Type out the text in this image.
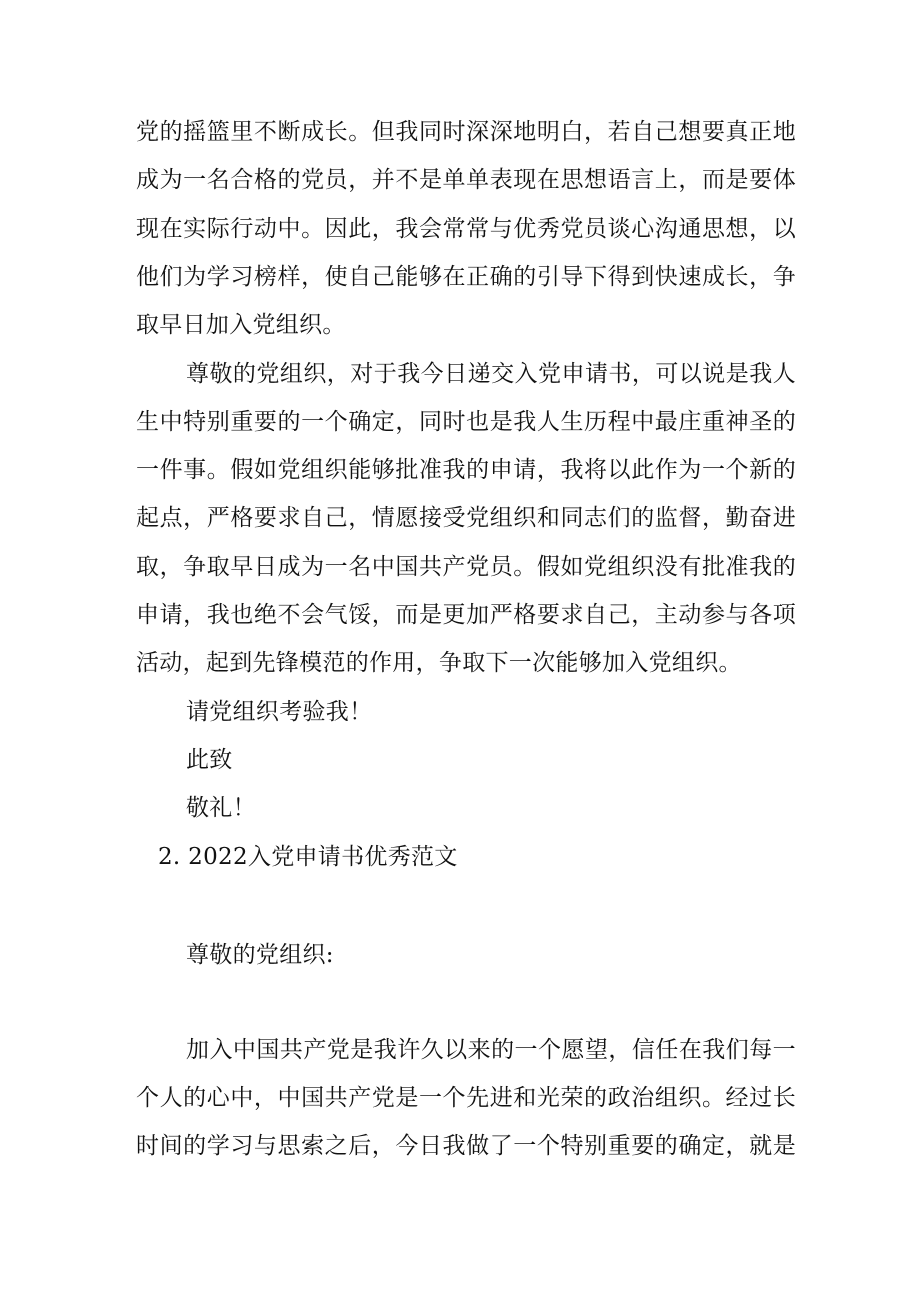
党的摇篮里不断成长。但我同时深深地明白，若自己想要真正地
成为一名合格的党员，并不是单单表现在思想语言上，而是要体
现在实际行动中。因此，我会常常与优秀党员谈心沟通思想，以
他们为学习榜样，使自己能够在正确的引导下得到快速成长，争
取早日加入党组织。
尊敬的党组织，对于我今日递交入党申请书，可以说是我人
生中特别重要的一个确定，同时也是我人生历程中最庄重神圣的
一件事。假如党组织能够批准我的申请，我将以此作为一个新的
起点，严格要求自己，情愿接受党组织和同志们的监督，勤奋进
取，争取早日成为一名中国共产党员。假如党组织没有批准我的
申请，我也绝不会气馁，而是更加严格要求自己，主动参与各项
活动，起到先锋模范的作用，争取下一次能够加入党组织。
请党组织考验我！
此致
敬礼！
2. 2022入党申请书优秀范文
尊敬的党组织:
加入中国共产党是我许久以来的一个愿望，信任在我们每一
个人的心中，中国共产党是一个先进和光荣的政治组织。经过长
时间的学习与思索之后，今日我做了一个特别重要的确定，就是
